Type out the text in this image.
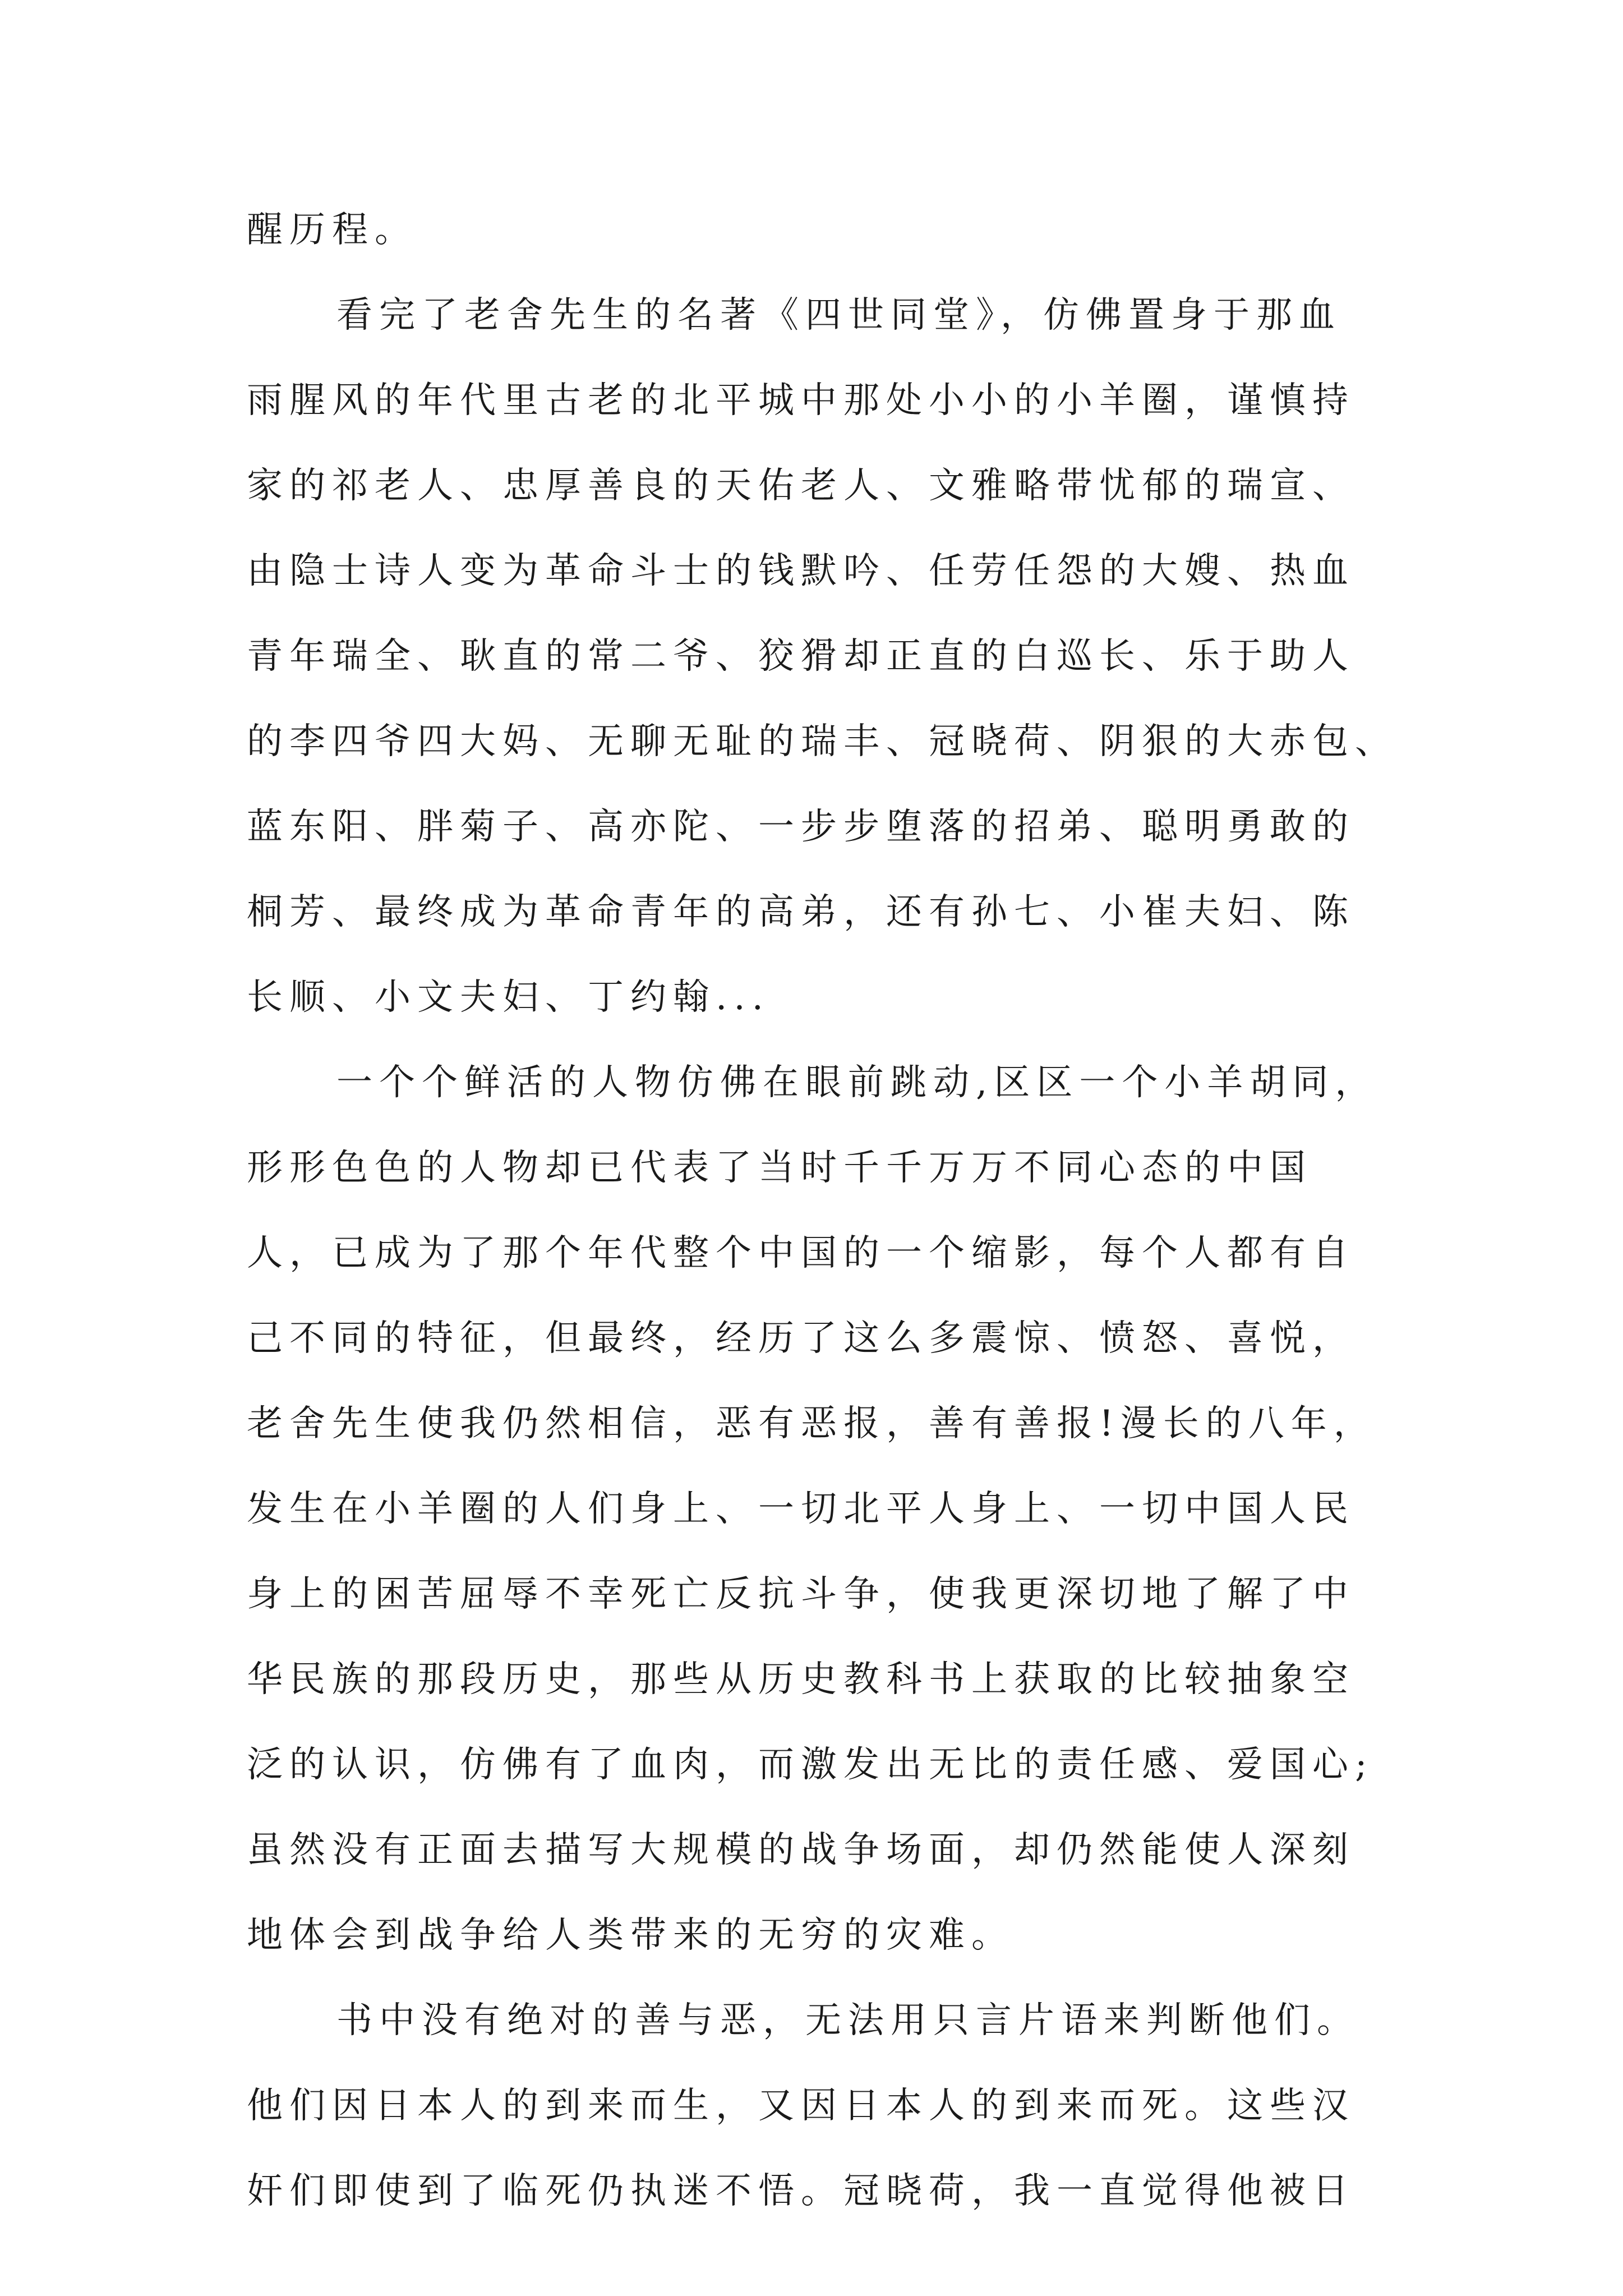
醒历程。
看完了老舍先生的名著《四世同堂》，仿佛置身于那血
雨腥风的年代里古老的北平城中那处小小的小羊圈，谨慎持
家的祁老人、忠厚善良的天佑老人、文雅略带忧郁的瑞宣、
由隐士诗人变为革命斗士的钱默吟、任劳任怨的大嫂、热血
青年瑞全、耿直的常二爷、狡猾却正直的白巡长、乐于助人
的李四爷四大妈、无聊无耻的瑞丰、冠晓荷、阴狠的大赤包、
蓝东阳、胖菊子、高亦陀、一步步堕落的招弟、聪明勇敢的
桐芳、最终成为革命青年的高弟，还有孙七、小崔夫妇、陈
长顺、小文夫妇、丁约翰...
一个个鲜活的人物仿佛在眼前跳动,区区一个小羊胡同，
形形色色的人物却已代表了当时千千万万不同心态的中国
人，已成为了那个年代整个中国的一个缩影，每个人都有自
己不同的特征，但最终，经历了这么多震惊、愤怒、喜悦，
老舍先生使我仍然相信，恶有恶报，善有善报!漫长的八年，
发生在小羊圈的人们身上、一切北平人身上、一切中国人民
身上的困苦屈辱不幸死亡反抗斗争，使我更深切地了解了中
华民族的那段历史，那些从历史教科书上获取的比较抽象空
泛的认识，仿佛有了血肉，而激发出无比的责任感、爱国心;
虽然没有正面去描写大规模的战争场面，却仍然能使人深刻
地体会到战争给人类带来的无穷的灾难。
书中没有绝对的善与恶，无法用只言片语来判断他们。
他们因日本人的到来而生，又因日本人的到来而死。这些汉
奸们即使到了临死仍执迷不悟。冠晓荷，我一直觉得他被日
